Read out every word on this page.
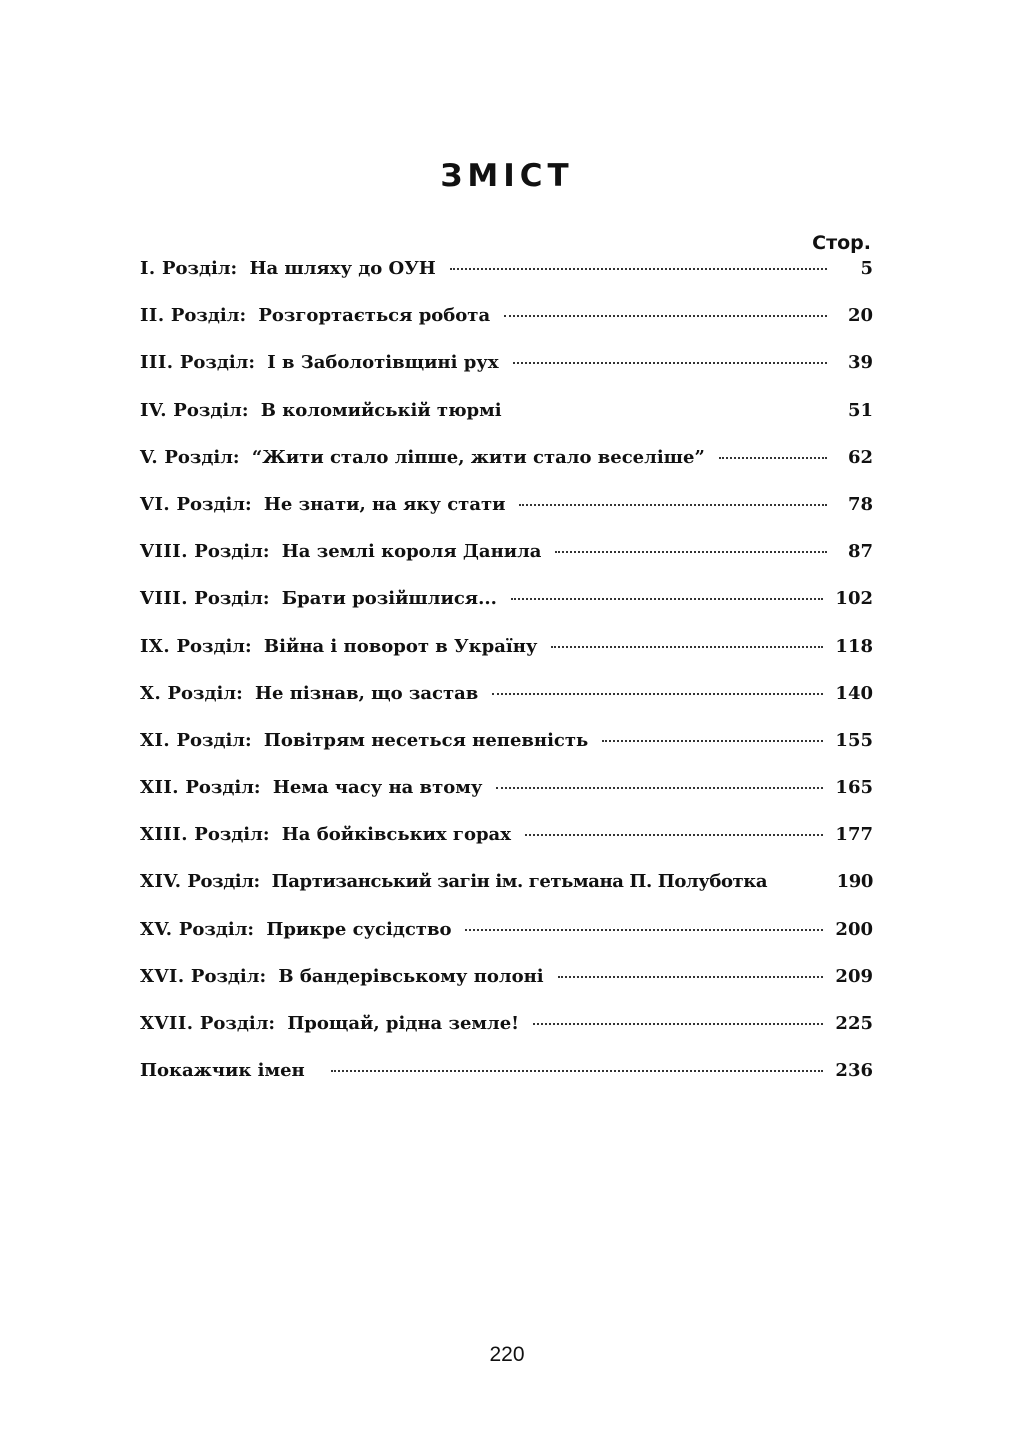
ЗМІСТ
Стор.
I. Розділ: На шляху до ОУН	5
II. Розділ: Розгортається робота	20
III. Розділ: І в Заболотівщині рух	39
IV. Розділ: В коломийській тюрмі	51
V. Розділ: “Жити стало ліпше, жити стало веселіше”	62
VI. Розділ: Не знати, на яку стати	78
VIII. Розділ: На землі короля Данила	87
VIII. Розділ: Брати розійшлися...	102
IX. Розділ: Війна і поворот в Україну	118
X. Розділ: Не пізнав, що застав	140
XI. Розділ: Повітрям несеться непевність	155
XII. Розділ: Нема часу на втому	165
XIII. Розділ: На бойківських горах	177
XIV. Розділ: Партизанський загін ім. гетьмана П. Полуботка	190
XV. Розділ: Прикре сусідство	200
XVI. Розділ: В бандерівському полоні	209
XVII. Розділ: Прощай, рідна земле!	225
Покажчик імен	236
220
